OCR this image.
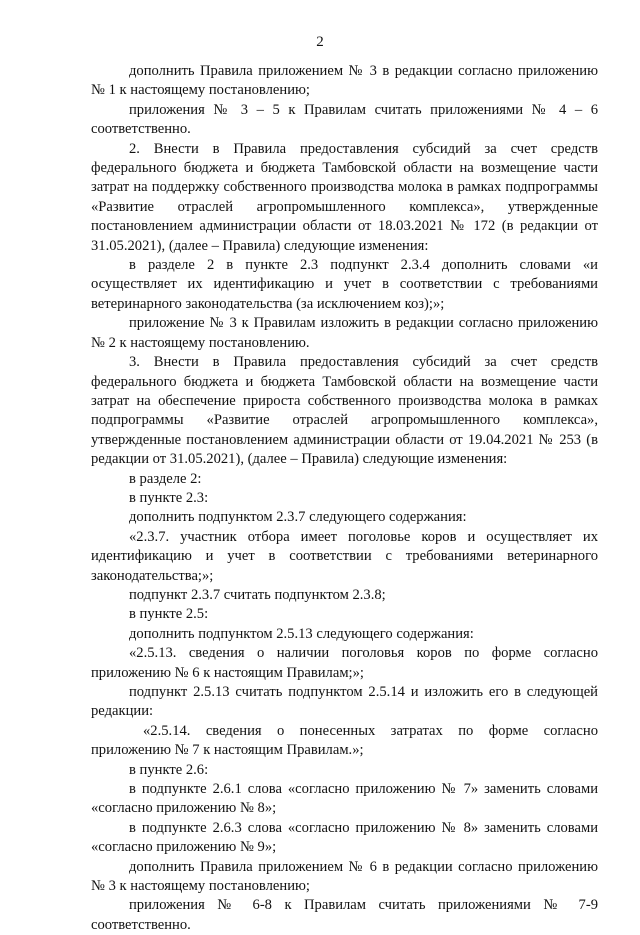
2

дополнить Правила приложением № 3 в редакции согласно приложению № 1 к настоящему постановлению;

приложения № 3 – 5 к Правилам считать приложениями № 4 – 6 соответственно.

2. Внести в Правила предоставления субсидий за счет средств федерального бюджета и бюджета Тамбовской области на возмещение части затрат на поддержку собственного производства молока в рамках подпрограммы «Развитие отраслей агропромышленного комплекса», утвержденные постановлением администрации области от 18.03.2021 № 172 (в редакции от 31.05.2021), (далее – Правила) следующие изменения:

в разделе 2 в пункте 2.3 подпункт 2.3.4 дополнить словами «и осуществляет их идентификацию и учет в соответствии с требованиями ветеринарного законодательства (за исключением коз);»;

приложение № 3 к Правилам изложить в редакции согласно приложению № 2 к настоящему постановлению.

3. Внести в Правила предоставления субсидий за счет средств федерального бюджета и бюджета Тамбовской области на возмещение части затрат на обеспечение прироста собственного производства молока в рамках подпрограммы «Развитие отраслей агропромышленного комплекса», утвержденные постановлением администрации области от 19.04.2021 № 253 (в редакции от 31.05.2021), (далее – Правила) следующие изменения:

в разделе 2:

в пункте 2.3:

дополнить подпунктом 2.3.7 следующего содержания:

«2.3.7. участник отбора имеет поголовье коров и осуществляет их идентификацию и учет в соответствии с требованиями ветеринарного законодательства;»;

подпункт 2.3.7 считать подпунктом 2.3.8;

в пункте 2.5:

дополнить подпунктом 2.5.13 следующего содержания:

«2.5.13. сведения о наличии поголовья коров по форме согласно приложению № 6 к настоящим Правилам;»;

подпункт 2.5.13 считать подпунктом 2.5.14 и изложить его в следующей редакции:

«2.5.14. сведения о понесенных затратах по форме согласно приложению № 7 к настоящим Правилам.»;

в пункте 2.6:

в подпункте 2.6.1 слова «согласно приложению № 7» заменить словами «согласно приложению № 8»;

в подпункте 2.6.3 слова «согласно приложению № 8» заменить словами «согласно приложению № 9»;

дополнить Правила приложением № 6 в редакции согласно приложению № 3 к настоящему постановлению;

приложения № 6-8 к Правилам считать приложениями № 7-9 соответственно.
